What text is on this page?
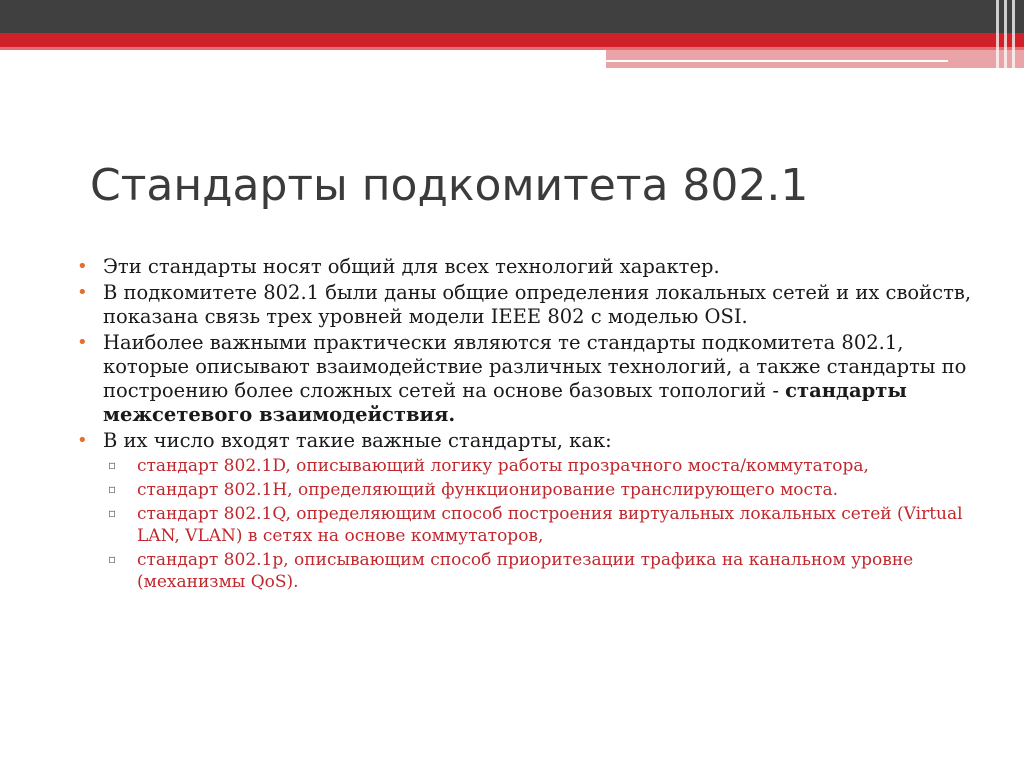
Стандарты подкомитета 802.1
• Эти стандарты носят общий для всех технологий характер.
• В подкомитете 802.1 были даны общие определения локальных сетей и их свойств, показана связь трех уровней модели IEEE 802 с моделью OSI.
• Наиболее важными практически являются те стандарты подкомитета 802.1, которые описывают взаимодействие различных технологий, а также стандарты по построению более сложных сетей на основе базовых топологий - стандарты межсетевого взаимодействия.
• В их число входят такие важные стандарты, как:
▫ стандарт 802.1D, описывающий логику работы прозрачного моста/коммутатора,
▫ стандарт 802.1H, определяющий функционирование транслирующего моста.
▫ стандарт 802.1Q, определяющим способ построения виртуальных локальных сетей (Virtual LAN, VLAN) в сетях на основе коммутаторов,
▫ стандарт 802.1р, описывающим способ приоритезации трафика на канальном уровне (механизмы QoS).
